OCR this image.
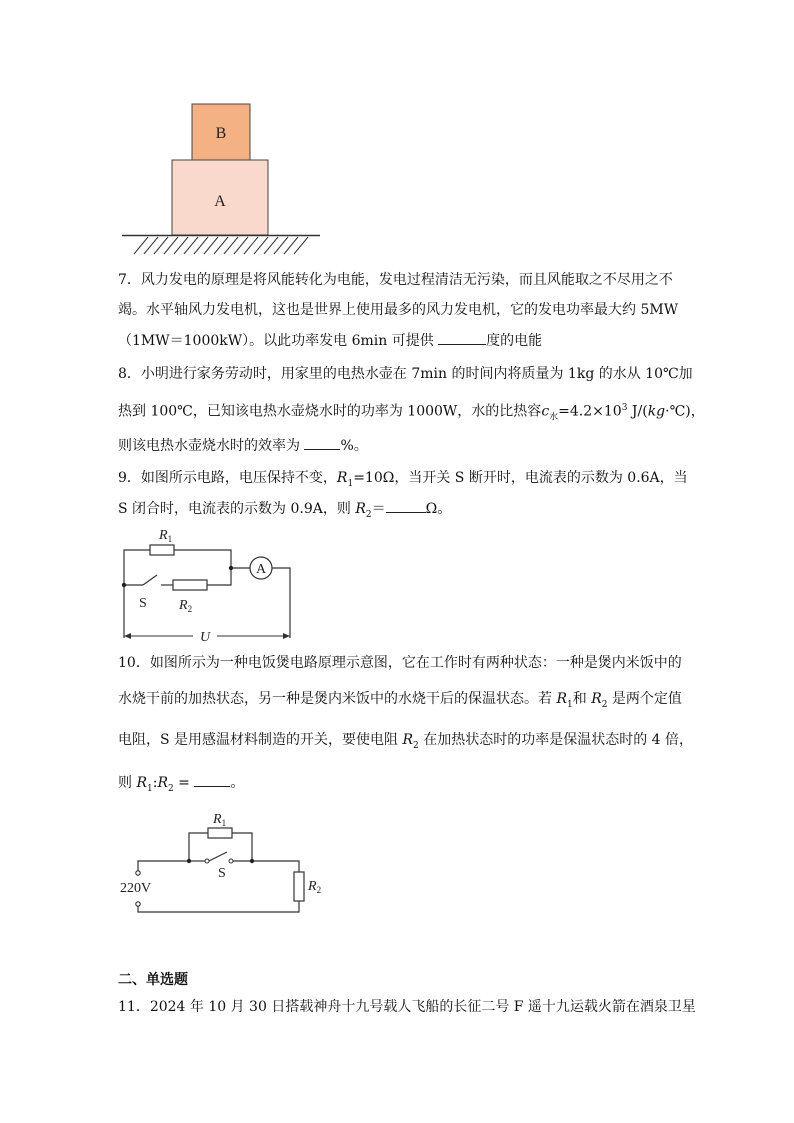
B
A
7．风力发电的原理是将风能转化为电能，发电过程清洁无污染，而且风能取之不尽用之不
竭。水平轴风力发电机，这也是世界上使用最多的风力发电机，它的发电功率最大约 5MW
（1MW＝1000kW）。以此功率发电 6min 可提供	度的电能
8．小明进行家务劳动时，用家里的电热水壶在 7min 的时间内将质量为 1kg 的水从 10℃加
热到 100℃，已知该电热水壶烧水时的功率为 1000W，水的比热容$c_水=4.2\times 10^3$ J/(kg·℃)，
则该电热水壶烧水时的效率为	%。
9．如图所示电路，电压保持不变，$R_1=10\Omega$，当开关 S 断开时，电流表的示数为 0.6A，当
S 闭合时，电流表的示数为 0.9A，则 $R_2=$	Ω。
A
$R_1$
$R_2$
S
U
10．如图所示为一种电饭煲电路原理示意图，它在工作时有两种状态：一种是煲内米饭中的
水烧干前的加热状态，另一种是煲内米饭中的水烧干后的保温状态。若 $R_1$和 $R_2$ 是两个定值
电阻，S 是用感温材料制造的开关，要使电阻 $R_2$ 在加热状态时的功率是保温状态时的 4 倍，
则 $R_1:R_2$ =	。
$R_1$
$R_2$
S
220V
二、单选题
11．2024 年 10 月 30 日搭载神舟十九号载人飞船的长征二号 F 遥十九运载火箭在酒泉卫星
